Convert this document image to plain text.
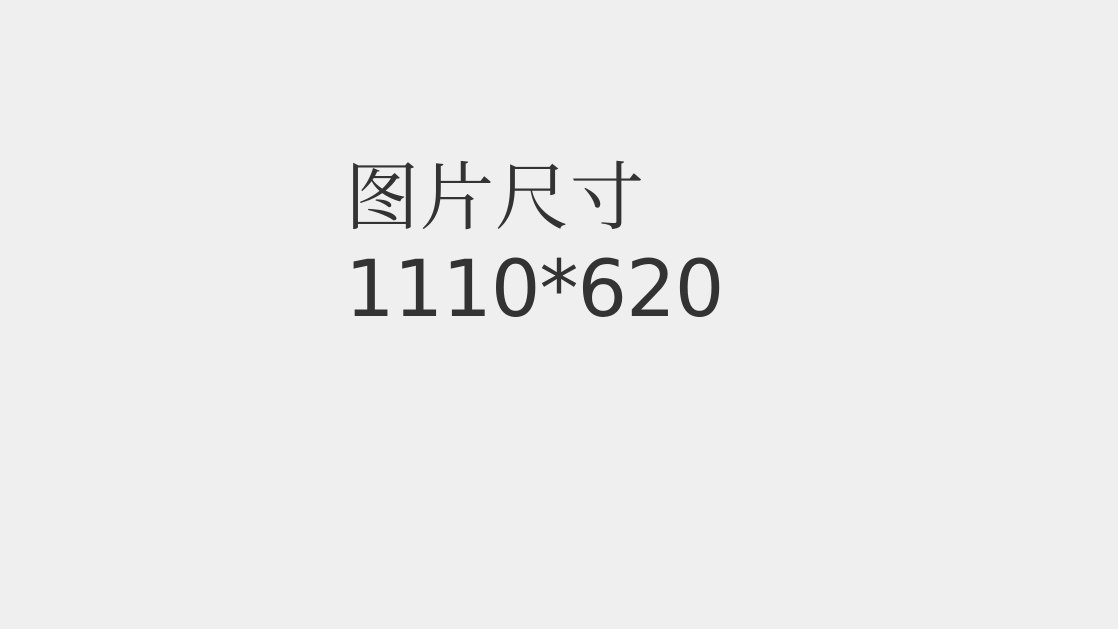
图片尺寸
1110*620
